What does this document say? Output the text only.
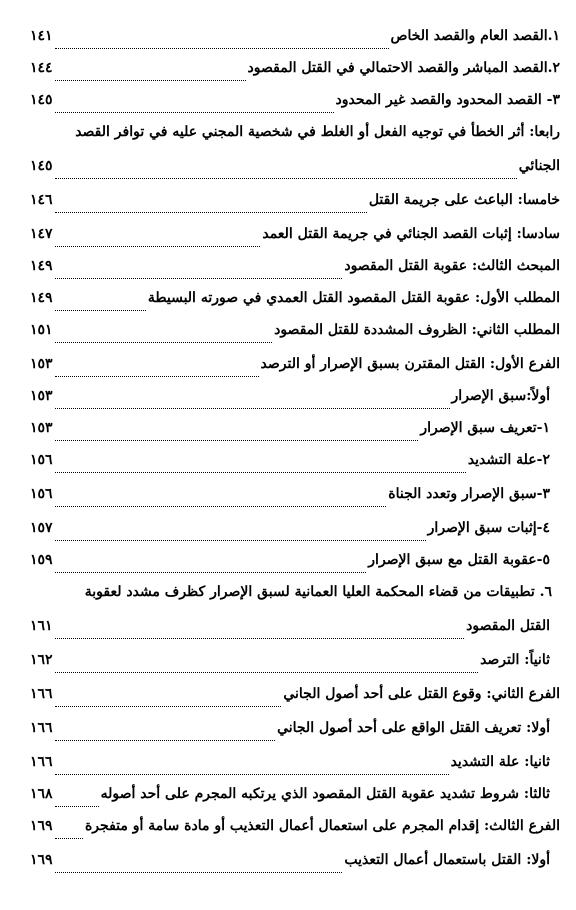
١.القصد العام والقصد الخاص
١٤١
٢.القصد المباشر والقصد الاحتمالي في القتل المقصود
١٤٤
٣- القصد المحدود والقصد غير المحدود
١٤٥
رابعا: أثر الخطأ في توجيه الفعل أو الغلط في شخصية المجني عليه في توافر القصد
الجنائي
١٤٥
خامسا: الباعث على جريمة القتل
١٤٦
سادسا: إثبات القصد الجنائي في جريمة القتل العمد
١٤٧
المبحث الثالث: عقوبة القتل المقصود
١٤٩
المطلب الأول: عقوبة القتل المقصود القتل العمدي في صورته البسيطة
١٤٩
المطلب الثاني: الظروف المشددة للقتل المقصود
١٥١
الفرع الأول: القتل المقترن بسبق الإصرار أو الترصد
١٥٣
أولاً:سبق الإصرار
١٥٣
١-تعريف سبق الإصرار
١٥٣
٢-علة التشديد
١٥٦
٣-سبق الإصرار وتعدد الجناة
١٥٦
٤-إثبات سبق الإصرار
١٥٧
٥-عقوبة القتل مع سبق الإصرار
١٥٩
٦. تطبيقات من قضاء المحكمة العليا العمانية لسبق الإصرار كظرف مشدد لعقوبة
القتل المقصود
١٦١
ثانياً: الترصد
١٦٢
الفرع الثاني: وقوع القتل على أحد أصول الجاني
١٦٦
أولا: تعريف القتل الواقع على أحد أصول الجاني
١٦٦
ثانيا: علة التشديد
١٦٦
ثالثا: شروط تشديد عقوبة القتل المقصود الذي يرتكبه المجرم على أحد أصوله
١٦٨
الفرع الثالث: إقدام المجرم على استعمال أعمال التعذيب أو مادة سامة أو متفجرة
١٦٩
أولا: القتل باستعمال أعمال التعذيب
١٦٩
